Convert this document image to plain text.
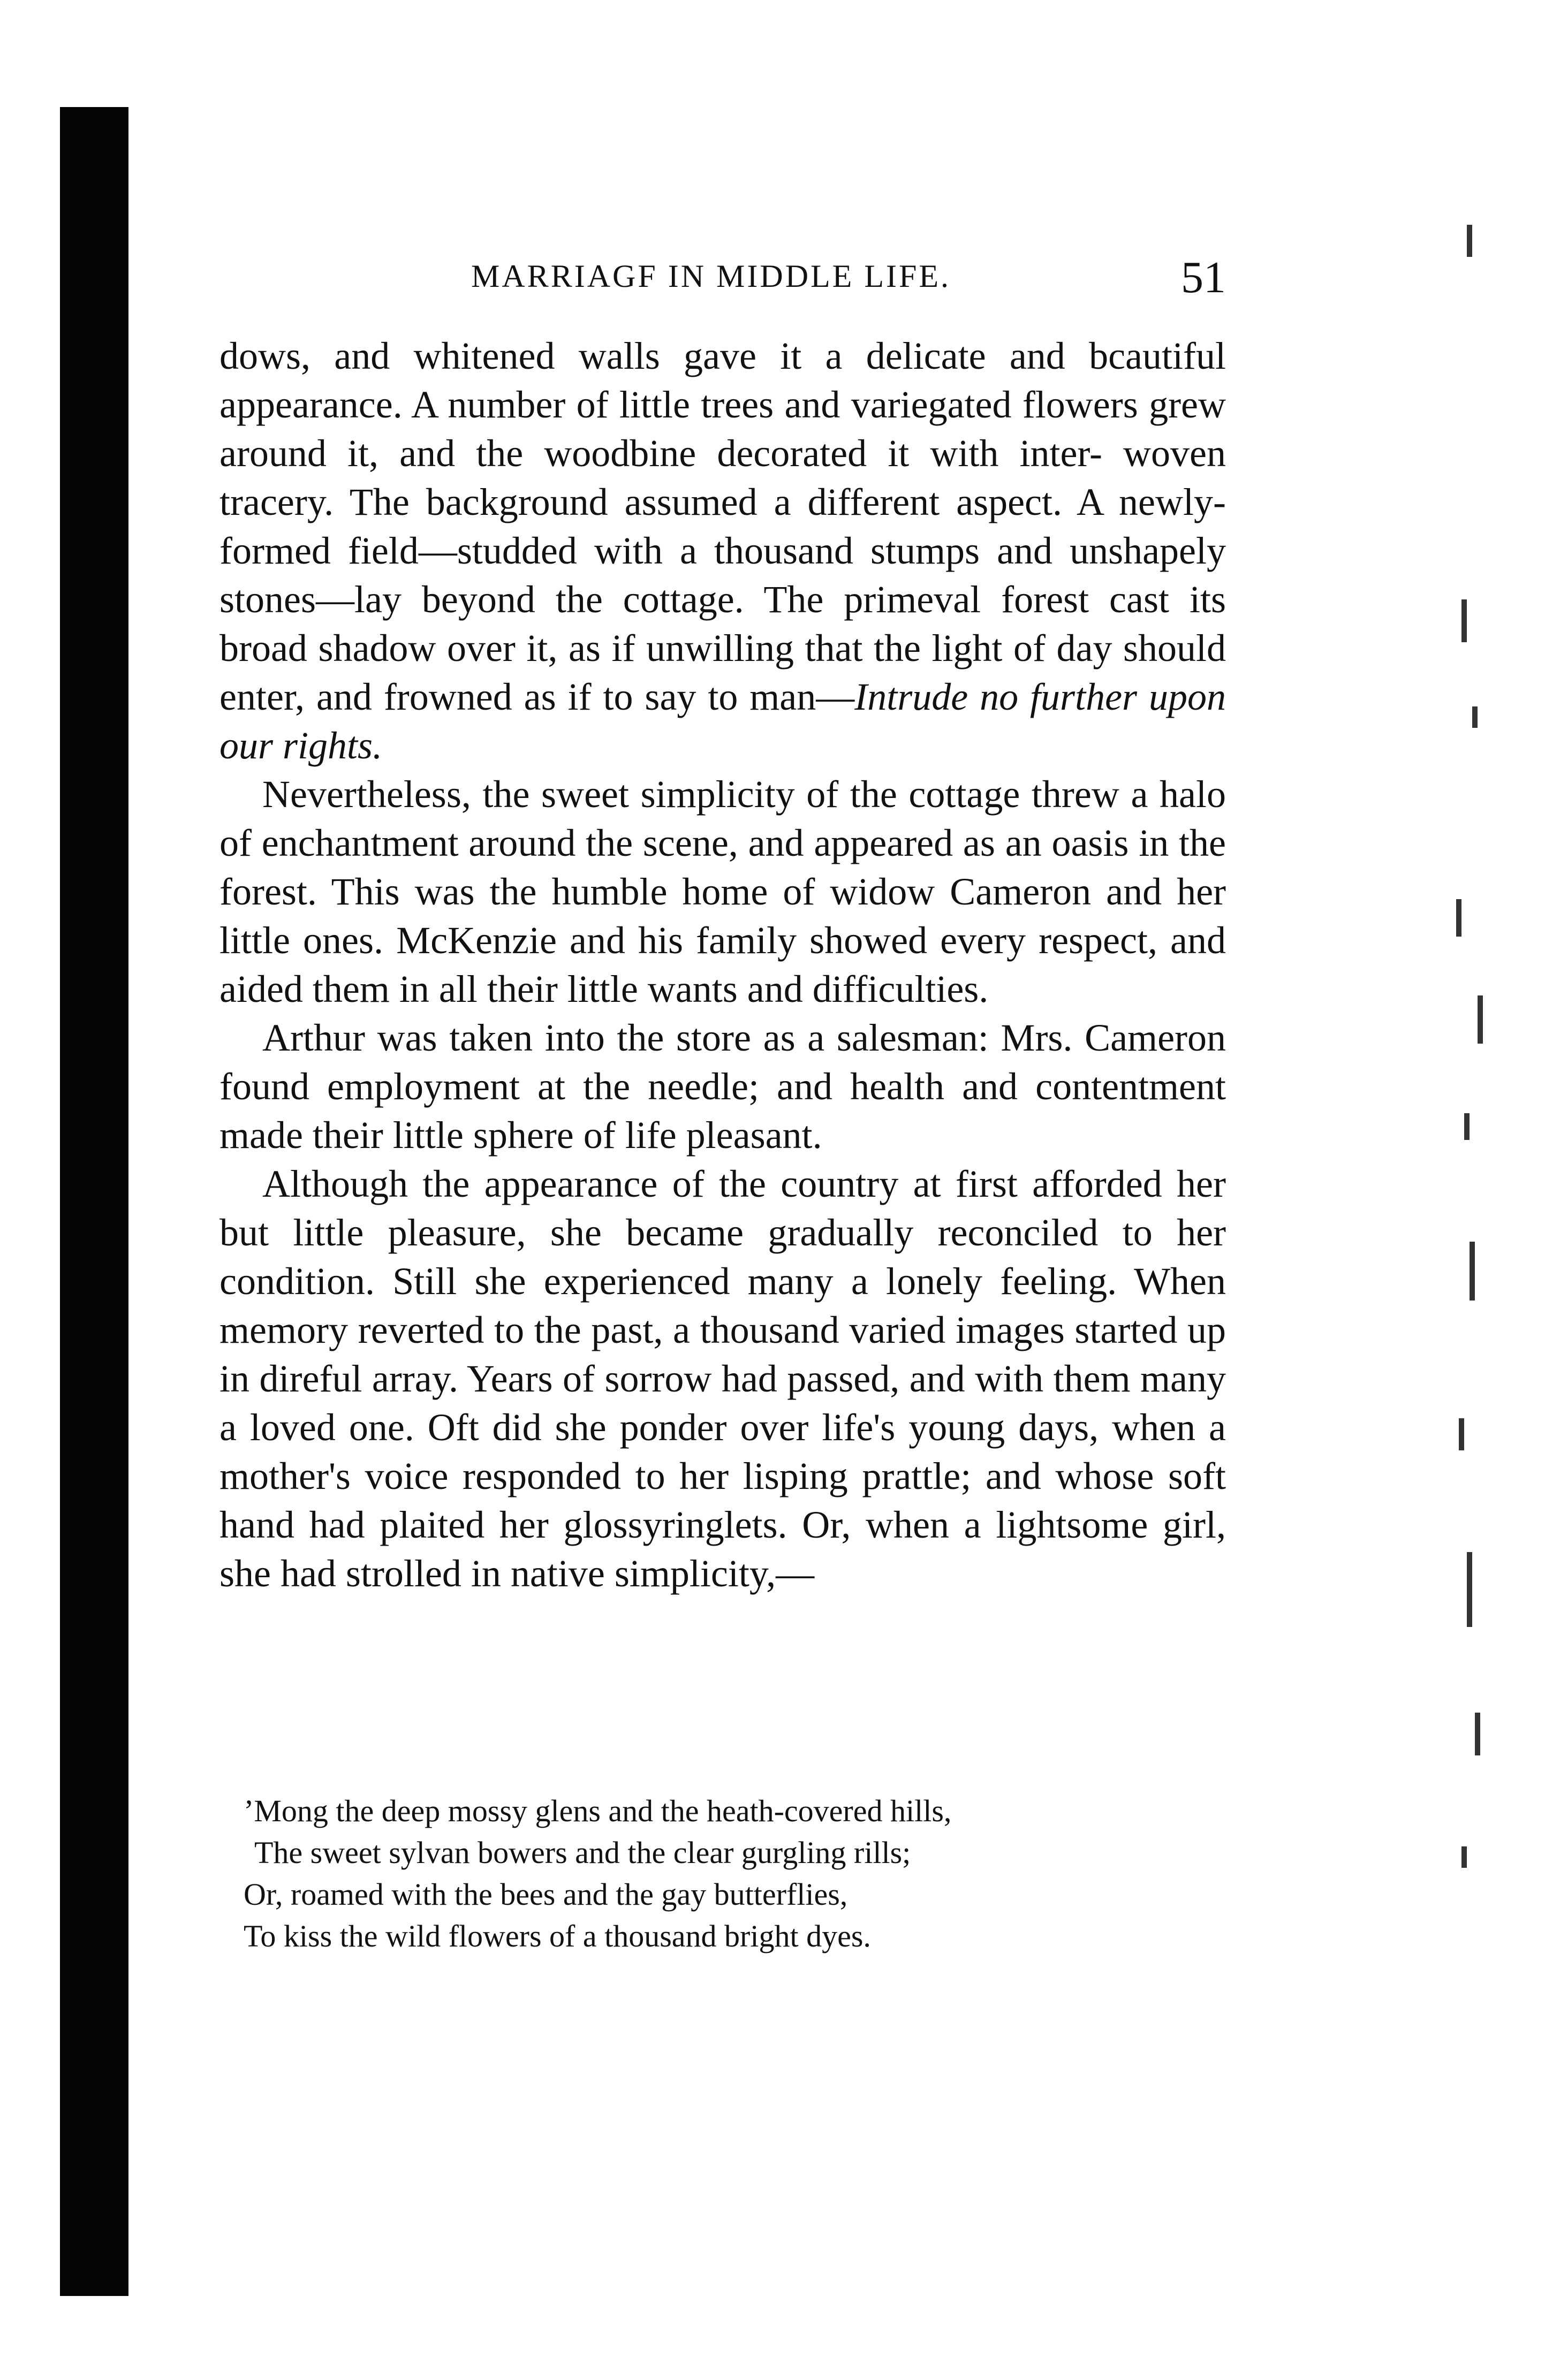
MARRIAGF IN MIDDLE LIFE.	51

dows, and whitened walls gave it a delicate and bcautiful appearance. A number of little trees and variegated flowers grew around it, and the woodbine decorated it with inter- woven tracery. The background assumed a different aspect. A newly-formed field—studded with a thousand stumps and unshapely stones—lay beyond the cottage. The primeval forest cast its broad shadow over it, as if unwilling that the light of day should enter, and frowned as if to say to man—Intrude no further upon our rights.

Nevertheless, the sweet simplicity of the cottage threw a halo of enchantment around the scene, and appeared as an oasis in the forest. This was the humble home of widow Cameron and her little ones. McKenzie and his family showed every respect, and aided them in all their little wants and difficulties.

Arthur was taken into the store as a salesman: Mrs. Cameron found employment at the needle; and health and contentment made their little sphere of life pleasant.

Although the appearance of the country at first afforded her but little pleasure, she became gradually reconciled to her condition. Still she experienced many a lonely feeling. When memory reverted to the past, a thousand varied images started up in direful array. Years of sorrow had passed, and with them many a loved one. Oft did she ponder over life's young days, when a mother's voice responded to her lisping prattle; and whose soft hand had plaited her glossyringlets. Or, when a lightsome girl, she had strolled in native simplicity,—

’Mong the deep mossy glens and the heath-covered hills,
The sweet sylvan bowers and the clear gurgling rills;
Or, roamed with the bees and the gay butterflies,
To kiss the wild flowers of a thousand bright dyes.
